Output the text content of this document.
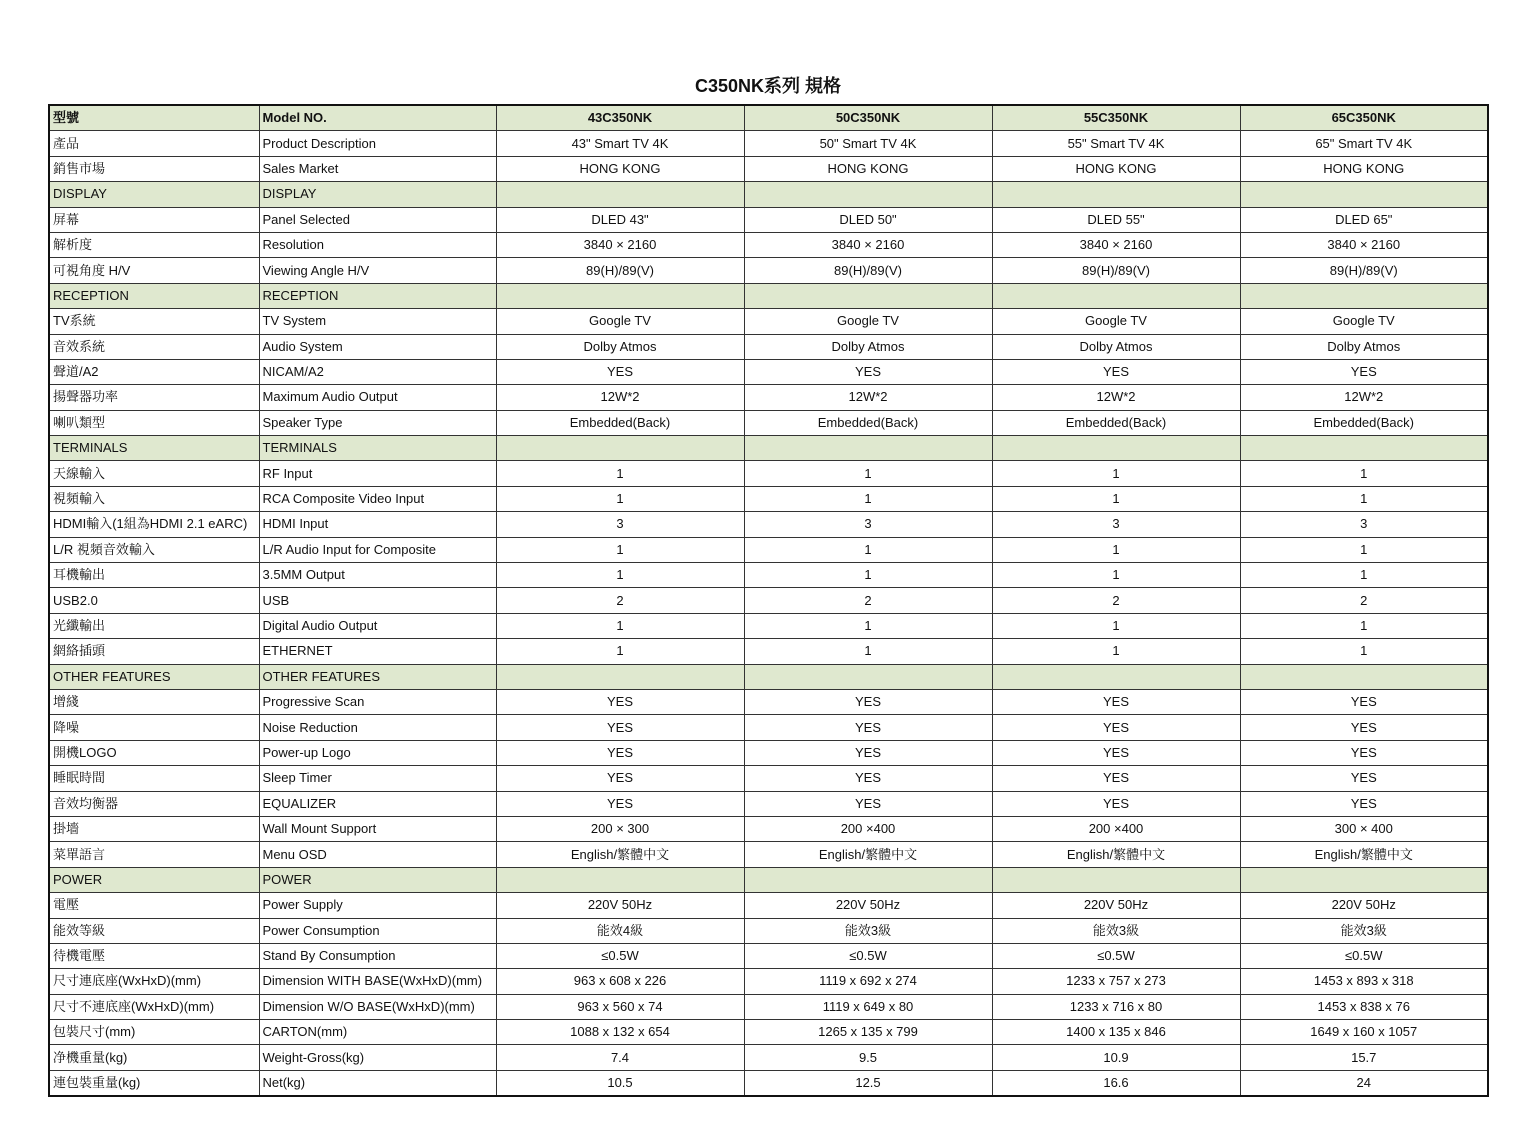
C350NK系列 規格
型號	Model NO.	43C350NK	50C350NK	55C350NK	65C350NK
產品	Product Description	43" Smart TV 4K	50" Smart TV 4K	55" Smart TV 4K	65" Smart TV 4K
銷售市場	Sales Market	HONG KONG	HONG KONG	HONG KONG	HONG KONG
DISPLAY	DISPLAY				
屏幕	Panel Selected	DLED 43"	DLED 50"	DLED 55"	DLED 65"
解析度	Resolution	3840 × 2160	3840 × 2160	3840 × 2160	3840 × 2160
可視角度 H/V	Viewing Angle H/V	89(H)/89(V)	89(H)/89(V)	89(H)/89(V)	89(H)/89(V)
RECEPTION	RECEPTION				
TV系統	TV System	Google TV	Google TV	Google TV	Google TV
音效系統	Audio System	Dolby Atmos	Dolby Atmos	Dolby Atmos	Dolby Atmos
聲道/A2	NICAM/A2	YES	YES	YES	YES
揚聲器功率	Maximum Audio Output	12W*2	12W*2	12W*2	12W*2
喇叭類型	Speaker Type	Embedded(Back)	Embedded(Back)	Embedded(Back)	Embedded(Back)
TERMINALS	TERMINALS				
天線輸入	RF Input	1	1	1	1
視頻輸入	RCA Composite Video Input	1	1	1	1
HDMI輸入(1組為HDMI 2.1 eARC)	HDMI Input	3	3	3	3
L/R 視頻音效輸入	L/R Audio Input for Composite	1	1	1	1
耳機輸出	3.5MM Output	1	1	1	1
USB2.0	USB	2	2	2	2
光纖輸出	Digital Audio Output	1	1	1	1
網絡插頭	ETHERNET	1	1	1	1
OTHER FEATURES	OTHER FEATURES				
增綫	Progressive Scan	YES	YES	YES	YES
降噪	Noise Reduction	YES	YES	YES	YES
開機LOGO	Power-up Logo	YES	YES	YES	YES
睡眠時間	Sleep Timer	YES	YES	YES	YES
音效均衡器	EQUALIZER	YES	YES	YES	YES
掛墻	Wall Mount Support	200 × 300	200 ×400	200 ×400	300 × 400
菜單語言	Menu OSD	English/繁體中文	English/繁體中文	English/繁體中文	English/繁體中文
POWER	POWER				
電壓	Power Supply	220V 50Hz	220V 50Hz	220V 50Hz	220V 50Hz
能效等級	Power Consumption	能效4級	能效3級	能效3級	能效3級
待機電壓	Stand By Consumption	≤0.5W	≤0.5W	≤0.5W	≤0.5W
尺寸連底座(WxHxD)(mm)	Dimension WITH BASE(WxHxD)(mm)	963 x 608 x 226	1119 x 692 x 274	1233 x 757 x 273	1453 x 893 x 318
尺寸不連底座(WxHxD)(mm)	Dimension W/O BASE(WxHxD)(mm)	963 x 560 x 74	1119 x 649 x 80	1233 x 716 x 80	1453 x 838 x 76
包裝尺寸(mm)	CARTON(mm)	1088 x 132 x 654	1265 x 135 x 799	1400 x 135 x 846	1649 x 160 x 1057
净機重量(kg)	Weight-Gross(kg)	7.4	9.5	10.9	15.7
連包裝重量(kg)	Net(kg)	10.5	12.5	16.6	24
